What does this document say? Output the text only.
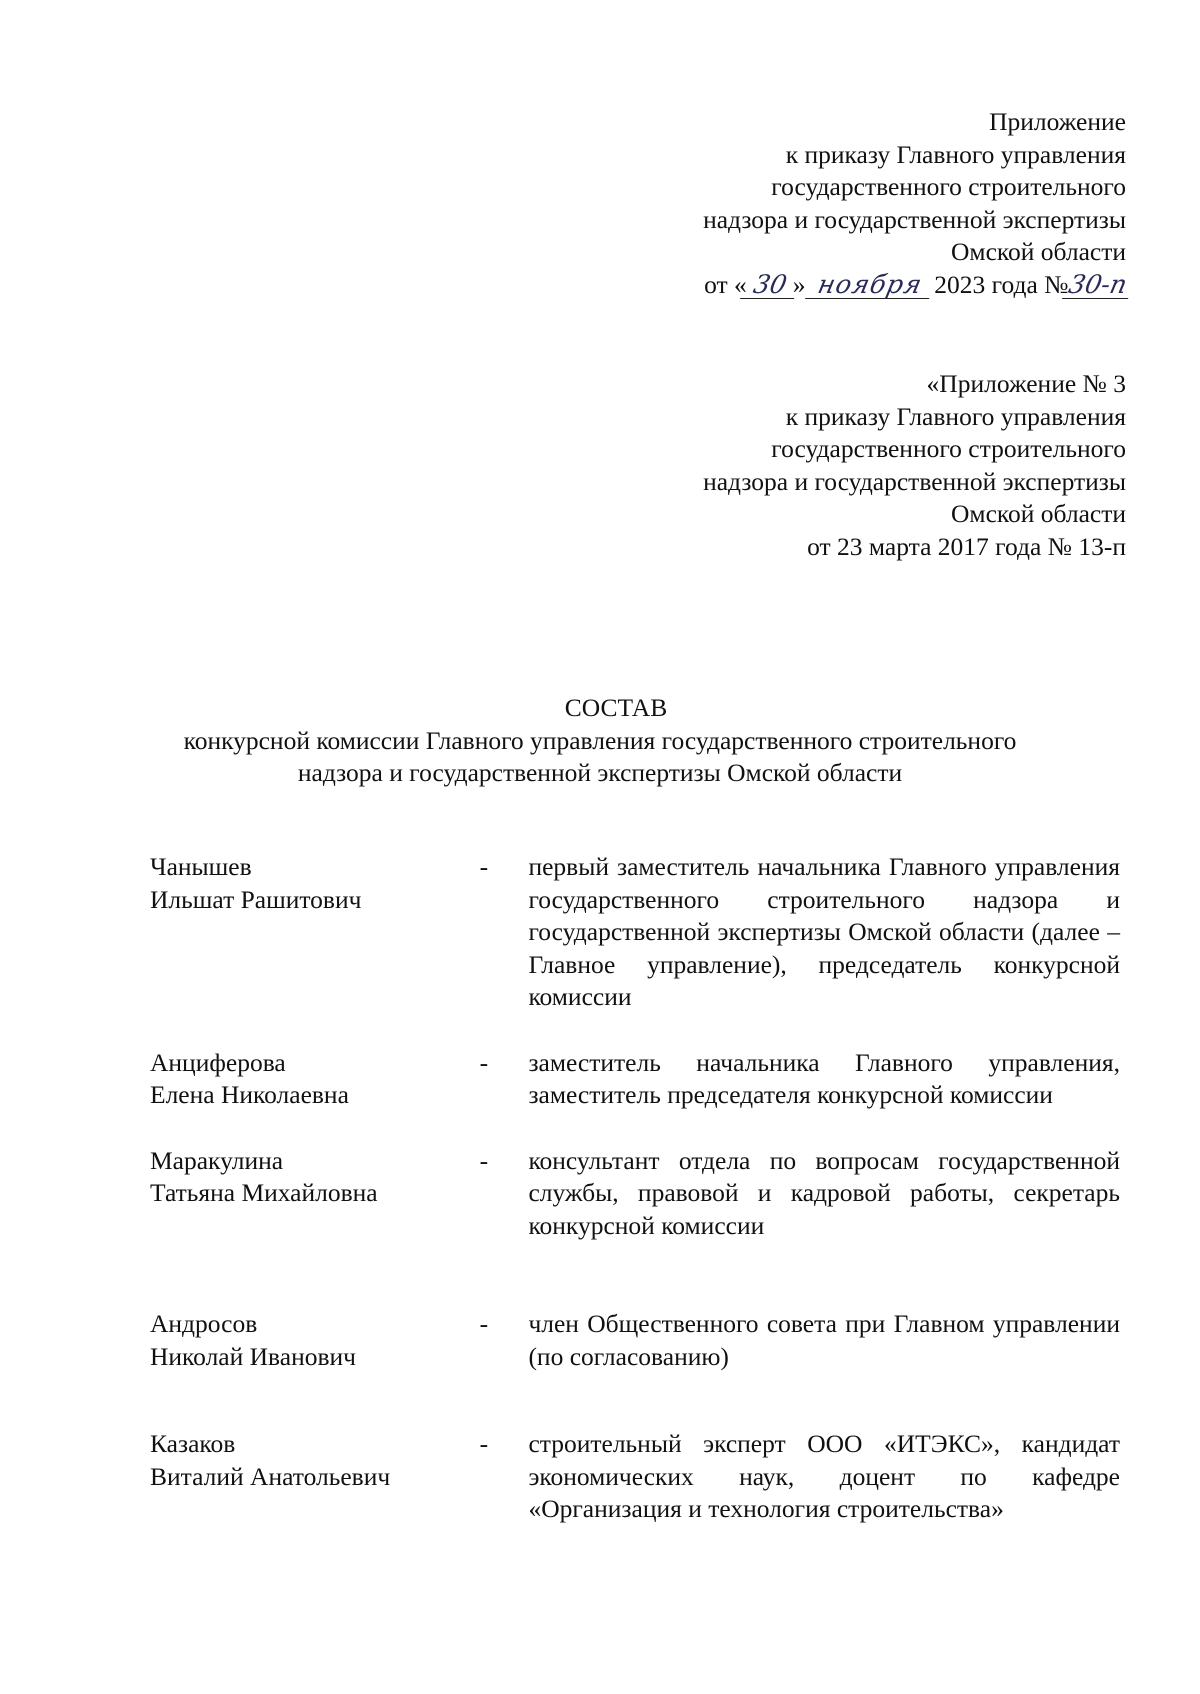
Приложение
к приказу Главного управления
государственного строительного
надзора и государственной экспертизы
Омской области
от « 30 » ноября 2023 года №30-п
«Приложение № 3
к приказу Главного управления
государственного строительного
надзора и государственной экспертизы
Омской области
от 23 марта 2017 года № 13-п
СОСТАВ
конкурсной комиссии Главного управления государственного строительного
надзора и государственной экспертизы Омской области
Чанышев
Ильшат Рашитович
-	первый заместитель начальника Главного управления государственного строительного надзора и государственной экспертизы Омской области (далее – Главное управление), председатель конкурсной комиссии
Анциферова
Елена Николаевна
-	заместитель начальника Главного управления, заместитель председателя конкурсной комиссии
Маракулина
Татьяна Михайловна
-	консультант отдела по вопросам государственной службы, правовой и кадровой работы, секретарь конкурсной комиссии
Андросов
Николай Иванович
-	член Общественного совета при Главном управлении (по согласованию)
Казаков
Виталий Анатольевич
-	строительный эксперт ООО «ИТЭКС», кандидат экономических наук, доцент по кафедре «Организация и технология строительства»
